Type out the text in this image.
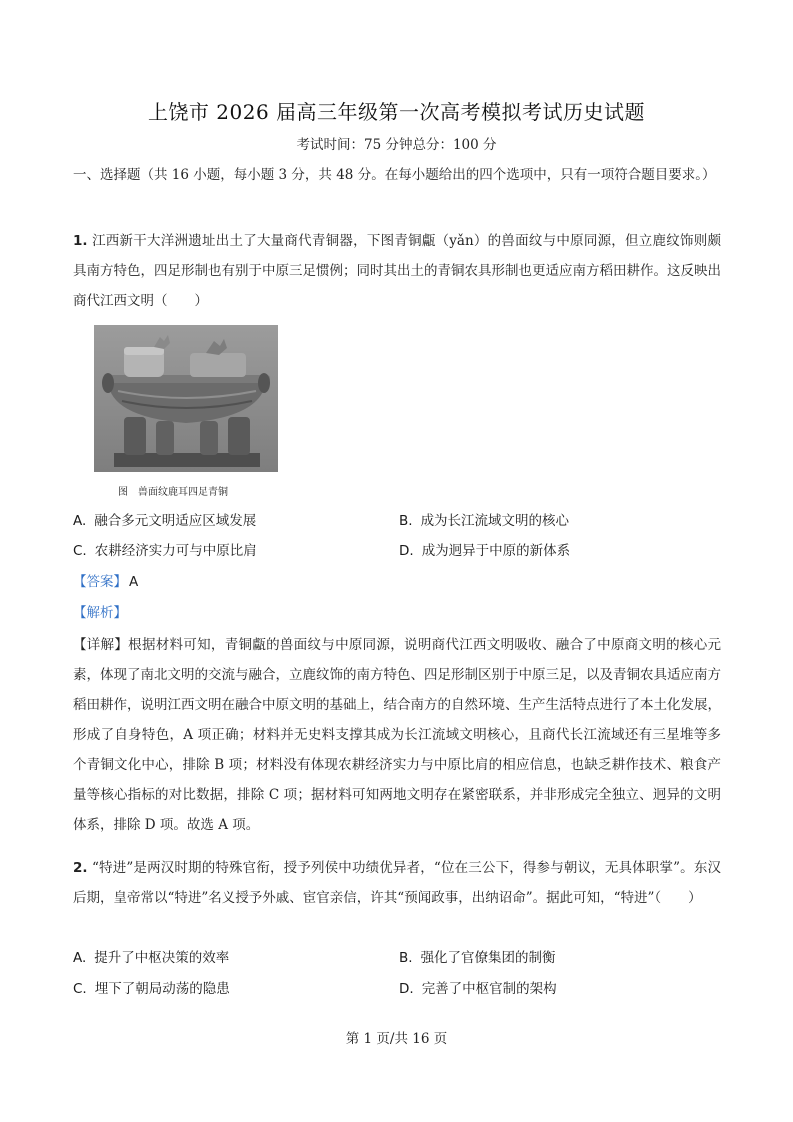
上饶市 2026 届高三年级第一次高考模拟考试历史试题
考试时间：75 分钟总分：100 分
一、选择题（共 16 小题，每小题 3 分，共 48 分。在每小题给出的四个选项中，只有一项符合题目要求。）
1. 江西新干大洋洲遗址出土了大量商代青铜器，下图青铜甗（yǎn）的兽面纹与中原同源，但立鹿纹饰则颇具南方特色，四足形制也有别于中原三足惯例；同时其出土的青铜农具形制也更适应南方稻田耕作。这反映出商代江西文明（　　）
图　兽面纹鹿耳四足青铜
A. 融合多元文明适应区域发展	B. 成为长江流域文明的核心
C. 农耕经济实力可与中原比肩	D. 成为迥异于中原的新体系
【答案】 A
【解析】
【详解】根据材料可知，青铜甗的兽面纹与中原同源，说明商代江西文明吸收、融合了中原商文明的核心元素，体现了南北文明的交流与融合，立鹿纹饰的南方特色、四足形制区别于中原三足，以及青铜农具适应南方稻田耕作，说明江西文明在融合中原文明的基础上，结合南方的自然环境、生产生活特点进行了本土化发展，形成了自身特色，A 项正确；材料并无史料支撑其成为长江流域文明核心，且商代长江流域还有三星堆等多个青铜文化中心，排除 B 项；材料没有体现农耕经济实力与中原比肩的相应信息，也缺乏耕作技术、粮食产量等核心指标的对比数据，排除 C 项；据材料可知两地文明存在紧密联系，并非形成完全独立、迥异的文明体系，排除 D 项。故选 A 项。
2. “特进”是两汉时期的特殊官衔，授予列侯中功绩优异者，“位在三公下，得参与朝议，无具体职掌”。东汉后期，皇帝常以“特进”名义授予外戚、宦官亲信，许其“预闻政事，出纳诏命”。据此可知，“特进”（　　）
A. 提升了中枢决策的效率	B. 强化了官僚集团的制衡
C. 埋下了朝局动荡的隐患	D. 完善了中枢官制的架构
第 1 页/共 16 页
